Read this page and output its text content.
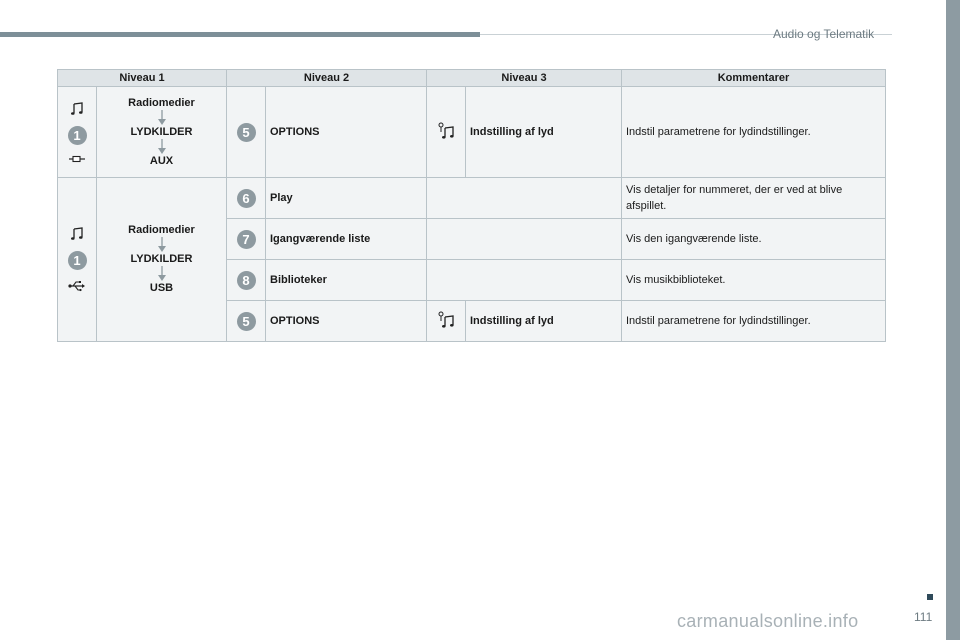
Audio og Telematik
Niveau 1		Niveau 2		Niveau 3		Kommentarer

1	Radiomedier
LYDKILDER
AUX	5	OPTIONS		Indstilling af lyd	Indstil parametrene for lydindstillinger.

1	Radiomedier
LYDKILDER
USB	6	Play			Vis detaljer for nummeret, der er ved at blive afspillet.
		7	Igangværende liste			Vis den igangværende liste.
		8	Biblioteker			Vis musikbiblioteket.
		5	OPTIONS		Indstilling af lyd	Indstil parametrene for lydindstillinger.
carmanualsonline.info	111
